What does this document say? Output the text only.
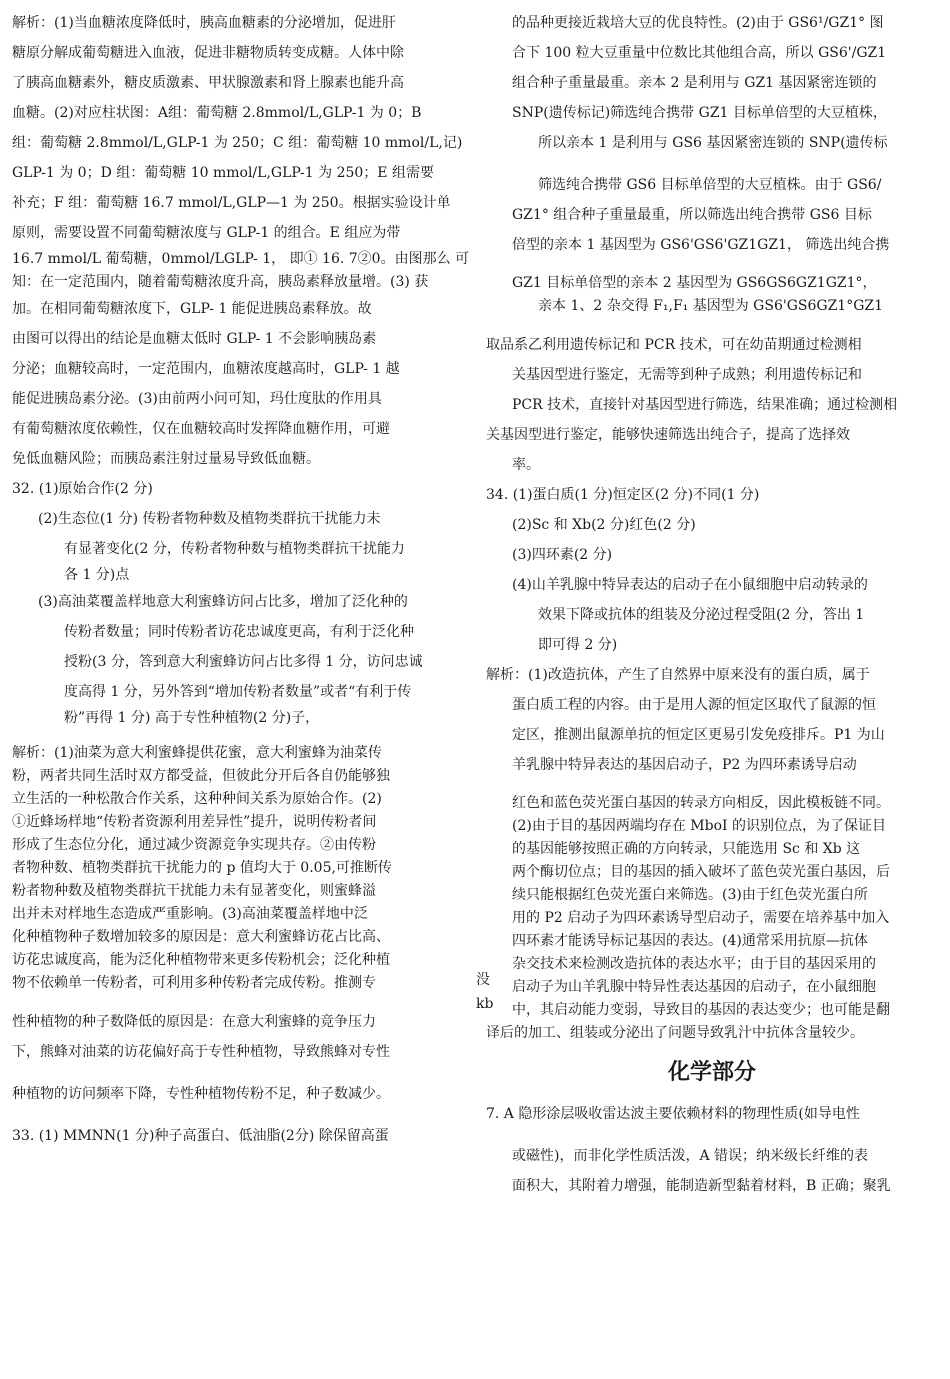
解析：(1)当血糖浓度降低时，胰高血糖素的分泌增加，促进肝

糖原分解成葡萄糖进入血液，促进非糖物质转变成糖。人体中除

了胰高血糖素外，糖皮质激素、甲状腺激素和肾上腺素也能升高

血糖。(2)对应柱状图：A组：葡萄糖 2.8mmol/L,GLP-1 为 0；B

组：葡萄糖 2.8mmol/L,GLP-1 为 250；C 组：葡萄糖 10 mmol/L,记)

GLP-1 为 0；D 组：葡萄糖 10 mmol/L,GLP-1 为 250；E 组需要

补充；F 组：葡萄糖 16.7 mmol/L,GLP—1 为 250。根据实验设计单

原则，需要设置不同葡萄糖浓度与 GLP-1 的组合。E 组应为带

16.7 mmol/L 葡萄糖，0mmol/LGLP- 1， 即① 16. 7②0。由图那么 可知：在一定范围内，随着葡萄糖浓度升高，胰岛素释放量增。(3) 获

加。在相同葡萄糖浓度下，GLP- 1 能促进胰岛素释放。故

由图可以得出的结论是血糖太低时 GLP- 1 不会影响胰岛素

分泌；血糖较高时，一定范围内，血糖浓度越高时，GLP- 1 越

能促进胰岛素分泌。(3)由前两小问可知，玛仕度肽的作用具

有葡萄糖浓度依赖性，仅在血糖较高时发挥降血糖作用，可避

免低血糖风险；而胰岛素注射过量易导致低血糖。

32. (1)原始合作(2 分)

(2)生态位(1 分) 传粉者物种数及植物类群抗干扰能力未

有显著变化(2 分，传粉者物种数与植物类群抗干扰能力

各 1 分)点

(3)高油菜覆盖样地意大利蜜蜂访问占比多，增加了泛化种的

传粉者数量；同时传粉者访花忠诚度更高，有利于泛化种

授粉(3 分，答到意大利蜜蜂访问占比多得 1 分，访问忠诚

度高得 1 分，另外答到“增加传粉者数量”或者“有利于传

粉”再得 1 分) 高于专性种植物(2 分)子，

解析：(1)油菜为意大利蜜蜂提供花蜜，意大利蜜蜂为油菜传

粉，两者共同生活时双方都受益，但彼此分开后各自仍能够独

立生活的一种松散合作关系，这种种间关系为原始合作。(2)

①近蜂场样地“传粉者资源利用差异性”提升，说明传粉者间

形成了生态位分化，通过减少资源竞争实现共存。②由传粉

者物种数、植物类群抗干扰能力的 p 值均大于 0.05,可推断传

粉者物种数及植物类群抗干扰能力未有显著变化，则蜜蜂溢

出并未对样地生态造成严重影响。(3)高油菜覆盖样地中泛

化种植物种子数增加较多的原因是：意大利蜜蜂访花占比高、

访花忠诚度高，能为泛化种植物带来更多传粉机会；泛化种植

物不依赖单一传粉者，可利用多种传粉者完成传粉。推测专

性种植物的种子数降低的原因是：在意大利蜜蜂的竞争压力

下，熊蜂对油菜的访花偏好高于专性种植物，导致熊蜂对专性

种植物的访问频率下降，专性种植物传粉不足，种子数减少。

33. (1) MMNN(1 分)种子高蛋白、低油脂(2分) 除保留高蛋

没
kb

的品种更接近栽培大豆的优良特性。(2)由于 GS6¹/GZ1° 图

合下 100 粒大豆重量中位数比其他组合高，所以 GS6'/GZ1

组合种子重量最重。亲本 2 是利用与 GZ1 基因紧密连锁的

SNP(遗传标记)筛选纯合携带 GZ1 目标单倍型的大豆植株，

所以亲本 1 是利用与 GS6 基因紧密连锁的 SNP(遗传标

筛选纯合携带 GS6 目标单倍型的大豆植株。由于 GS6/

GZ1° 组合种子重量最重，所以筛选出纯合携带 GS6 目标

倍型的亲本 1 基因型为 GS6'GS6'GZ1GZ1， 筛选出纯合携

GZ1 目标单倍型的亲本 2 基因型为 GS6GS6GZ1GZ1°，

亲本 1、2 杂交得 F₁,F₁ 基因型为 GS6'GS6GZ1°GZ1

取品系乙利用遗传标记和 PCR 技术，可在幼苗期通过检测相

关基因型进行鉴定，无需等到种子成熟；利用遗传标记和

PCR 技术，直接针对基因型进行筛选，结果准确；通过检测相

关基因型进行鉴定，能够快速筛选出纯合子，提高了选择效

率。

34. (1)蛋白质(1 分)恒定区(2 分)不同(1 分)

(2)Sc 和 Xb(2 分)红色(2 分)

(3)四环素(2 分)

(4)山羊乳腺中特异表达的启动子在小鼠细胞中启动转录的

效果下降或抗体的组装及分泌过程受阻(2 分，答出 1

即可得 2 分)

解析：(1)改造抗体，产生了自然界中原来没有的蛋白质，属于

蛋白质工程的内容。由于是用人源的恒定区取代了鼠源的恒

定区，推测出鼠源单抗的恒定区更易引发免疫排斥。P1 为山

羊乳腺中特异表达的基因启动子，P2 为四环素诱导启动

红色和蓝色荧光蛋白基因的转录方向相反，因此模板链不同。

(2)由于目的基因两端均存在 MboI 的识别位点，为了保证目

的基因能够按照正确的方向转录，只能选用 Sc 和 Xb 这

两个酶切位点；目的基因的插入破坏了蓝色荧光蛋白基因，后

续只能根据红色荧光蛋白来筛选。(3)由于红色荧光蛋白所

用的 P2 启动子为四环素诱导型启动子，需要在培养基中加入

四环素才能诱导标记基因的表达。(4)通常采用抗原—抗体

杂交技术来检测改造抗体的表达水平；由于目的基因采用的

启动子为山羊乳腺中特异性表达基因的启动子，在小鼠细胞

中，其启动能力变弱，导致目的基因的表达变少；也可能是翻

译后的加工、组装或分泌出了问题导致乳汁中抗体含量较少。

化学部分

7. A 隐形涂层吸收雷达波主要依赖材料的物理性质(如导电性

或磁性)，而非化学性质活泼，A 错误；纳米级长纤维的表

面积大，其附着力增强，能制造新型黏着材料，B 正确；聚乳
